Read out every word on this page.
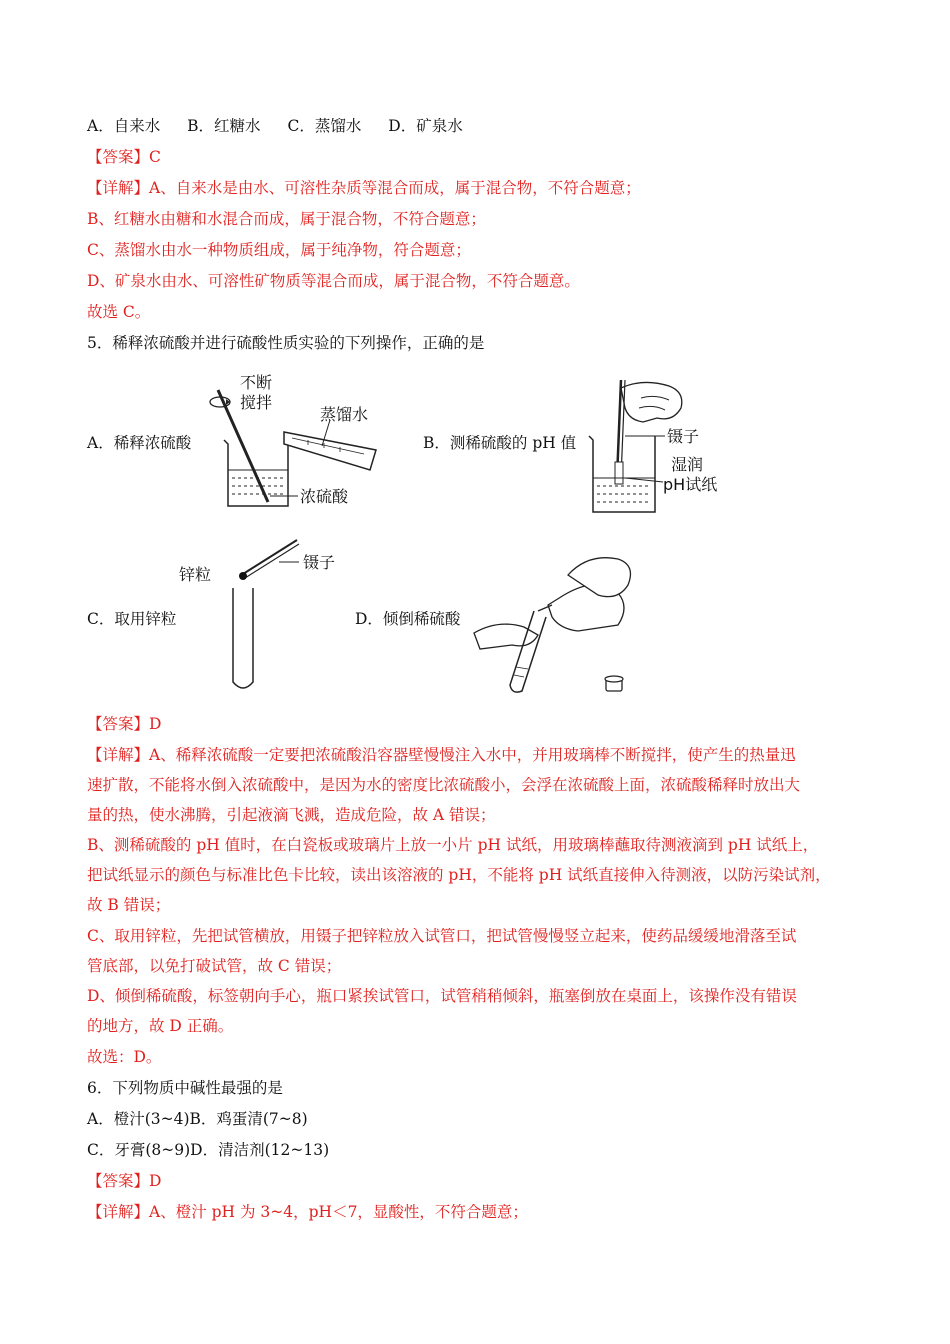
A．自来水 B．红糖水 C．蒸馏水 D．矿泉水
【答案】C
【详解】A、自来水是由水、可溶性杂质等混合而成，属于混合物，不符合题意；
B、红糖水由糖和水混合而成，属于混合物，不符合题意；
C、蒸馏水由水一种物质组成，属于纯净物，符合题意；
D、矿泉水由水、可溶性矿物质等混合而成，属于混合物，不符合题意。
故选 C。
5．稀释浓硫酸并进行硫酸性质实验的下列操作，正确的是
A．稀释浓硫酸	B．测稀硫酸的 pH 值
C．取用锌粒	D．倾倒稀硫酸
不断
搅拌
蒸馏水
浓硫酸
镊子
湿润
pH试纸
锌粒
镊子
【答案】D
【详解】A、稀释浓硫酸一定要把浓硫酸沿容器壁慢慢注入水中，并用玻璃棒不断搅拌，使产生的热量迅
速扩散，不能将水倒入浓硫酸中，是因为水的密度比浓硫酸小，会浮在浓硫酸上面，浓硫酸稀释时放出大
量的热，使水沸腾，引起液滴飞溅，造成危险，故 A 错误；
B、测稀硫酸的 pH 值时，在白瓷板或玻璃片上放一小片 pH 试纸，用玻璃棒蘸取待测液滴到 pH 试纸上，
把试纸显示的颜色与标准比色卡比较，读出该溶液的 pH，不能将 pH 试纸直接伸入待测液，以防污染试剂，
故 B 错误；
C、取用锌粒，先把试管横放，用镊子把锌粒放入试管口，把试管慢慢竖立起来，使药品缓缓地滑落至试
管底部，以免打破试管，故 C 错误；
D、倾倒稀硫酸，标签朝向手心，瓶口紧挨试管口，试管稍稍倾斜，瓶塞倒放在桌面上，该操作没有错误
的地方，故 D 正确。
故选：D。
6．下列物质中碱性最强的是
A．橙汁(3~4)B．鸡蛋清(7~8)
C．牙膏(8~9)D．清洁剂(12~13)
【答案】D
【详解】A、橙汁 pH 为 3~4，pH＜7，显酸性，不符合题意；
